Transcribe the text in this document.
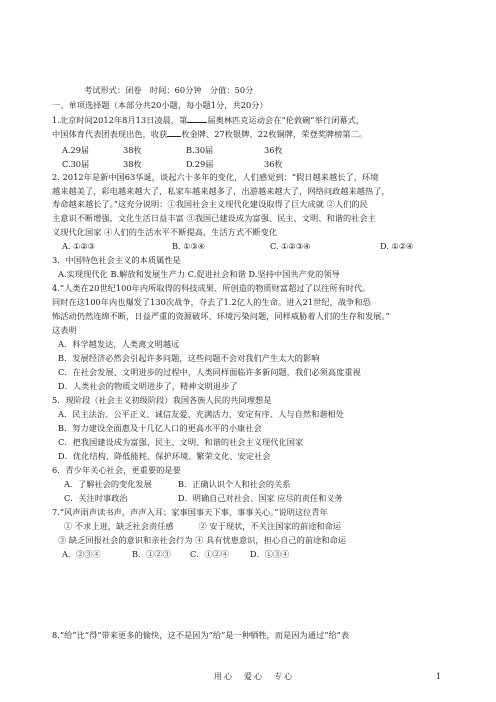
考试形式：闭卷　时间：60分钟　分值：50分
一、单项选择题（本部分共20小题，每小题1分，共20分）
1.北京时间2012年8月13日凌晨，第 届奥林匹克运动会在“伦敦碗”举行闭幕式，
中国体育代表团表现出色，收获 枚金牌、27枚银牌、22枚铜牌，荣登奖牌榜第二。
A.29届	38枚	B.30届	36枚
C.30届	38枚	D.29届	36枚
2. 2012年是新中国63华诞，谈起六十多年的变化，人们感觉到：“假日越来越长了，环境
越来越美了，彩电越来越大了，私家车越来越多了，出游越来越大了，网络问政越来越热了，
寿命越来越长了。”这充分说明：①我国社会主义现代化建设取得了巨大成就 ②人们的民
主意识不断增强，文化生活日益丰富 ③我国已建设成为富强、民主、文明、和谐的社会主
义现代化国家 ④人们的生活水平不断提高，生活方式不断变化
A. ①②③	B. ①③④	C. ①②③④	D. ①②④
3．中国特色社会主义的本质属性是
A.实现现代化 B.解放和发展生产力 C.促进社会和谐 D.坚持中国共产党的领导
4.“人类在20世纪100年内所取得的科技成果、所创造的物质财富超过了以往所有时代。
同时在这100年内也爆发了130次战争，夺去了1.2亿人的生命。进入21世纪，战争和恐
怖活动仍然连绵不断，日益严重的资源破坏、环境污染问题，同样威胁着人们的生存和发展。”
这表明
A．科学越发达，人类离文明越远
B．发展经济必然会引起许多问题，这些问题不会对我们产生太大的影响
C．在社会发展、文明进步的过程中，人类同样面临许多新问题，我们必须高度重视
D．人类社会的物质文明进步了，精神文明退步了
5．现阶段（社会主义初级阶段）我国各族人民的共同理想是
A．民主法治、公平正义、诚信友爱、充满活力、安定有序、人与自然和谐相处
B．努力建设全面惠及十几亿人口的更高水平的小康社会
C．把我国建设成为富强、民主、文明、和谐的社会主义现代化国家
D．优化结构、降低能耗、保护环境、繁荣文化、安定社会
6．青少年关心社会，更重要的是要
A．了解社会的变化发展	B．正确认识个人和社会的关系
C．关注时事政治	D．明确自己对社会、国家 应尽的责任和义务
7.“风声雨声读书声，声声入耳；家事国事天下事，事事关心。”说明这位青年
① 不求上进，缺乏社会责任感　　　② 安于现状，不关注国家的前途和命运
③ 缺乏回报社会的意识和亲社会行为 ④ 具有忧患意识，担心自己的前途和命运
A．②③④	B．①②③ C．①②④	D．①③④
8.“给”比“得”带来更多的愉快，这不是因为“给”是一种牺牲，而是因为通过“给”表
用心　爱心　专心	1
